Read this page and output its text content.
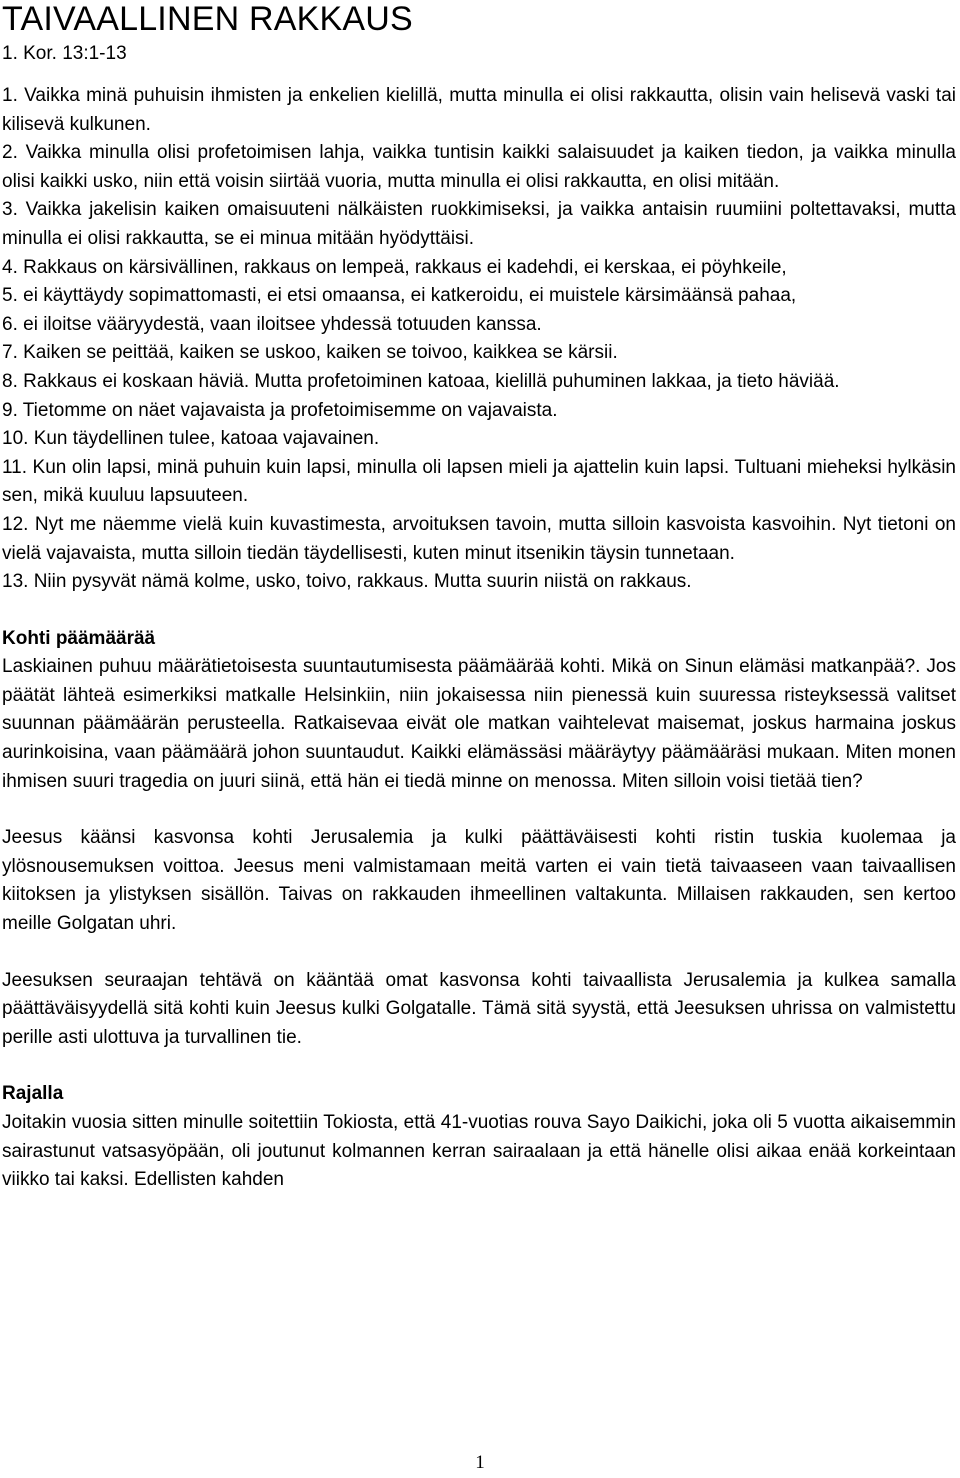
TAIVAALLINEN RAKKAUS
1. Kor. 13:1-13

1. Vaikka minä puhuisin ihmisten ja enkelien kielillä, mutta minulla ei olisi rakkautta, olisin vain helisevä vaski tai kilisevä kulkunen.

2. Vaikka minulla olisi profetoimisen lahja, vaikka tuntisin kaikki salaisuudet ja kaiken tiedon, ja vaikka minulla olisi kaikki usko, niin että voisin siirtää vuoria, mutta minulla ei olisi rakkautta, en olisi mitään.

3. Vaikka jakelisin kaiken omaisuuteni nälkäisten ruokkimiseksi, ja vaikka antaisin ruumiini poltettavaksi, mutta minulla ei olisi rakkautta, se ei minua mitään hyödyttäisi.

4. Rakkaus on kärsivällinen, rakkaus on lempeä, rakkaus ei kadehdi, ei kerskaa, ei pöyhkeile,

5. ei käyttäydy sopimattomasti, ei etsi omaansa, ei katkeroidu, ei muistele kärsimäänsä pahaa,

6. ei iloitse vääryydestä, vaan iloitsee yhdessä totuuden kanssa.

7. Kaiken se peittää, kaiken se uskoo, kaiken se toivoo, kaikkea se kärsii.

8. Rakkaus ei koskaan häviä. Mutta profetoiminen katoaa, kielillä puhuminen lakkaa, ja tieto häviää.

9. Tietomme on näet vajavaista ja profetoimisemme on vajavaista.

10. Kun täydellinen tulee, katoaa vajavainen.

11. Kun olin lapsi, minä puhuin kuin lapsi, minulla oli lapsen mieli ja ajattelin kuin lapsi. Tultuani mieheksi hylkäsin sen, mikä kuuluu lapsuuteen.

12. Nyt me näemme vielä kuin kuvastimesta, arvoituksen tavoin, mutta silloin kasvoista kasvoihin. Nyt tietoni on vielä vajavaista, mutta silloin tiedän täydellisesti, kuten minut itsenikin täysin tunnetaan.

13. Niin pysyvät nämä kolme, usko, toivo, rakkaus. Mutta suurin niistä on rakkaus.

Kohti päämäärää

Laskiainen puhuu määrätietoisesta suuntautumisesta päämäärää kohti. Mikä on Sinun elämäsi matkanpää?. Jos päätät lähteä esimerkiksi matkalle Helsinkiin, niin jokaisessa niin pienessä kuin suuressa risteyksessä valitset suunnan päämäärän perusteella. Ratkaisevaa eivät ole matkan vaihtelevat maisemat, joskus harmaina joskus aurinkoisina, vaan päämäärä johon suuntaudut. Kaikki elämässäsi määräytyy päämääräsi mukaan. Miten monen ihmisen suuri tragedia on juuri siinä, että hän ei tiedä minne on menossa. Miten silloin voisi tietää tien?

Jeesus käänsi kasvonsa kohti Jerusalemia ja kulki päättäväisesti kohti ristin tuskia kuolemaa ja ylösnousemuksen voittoa. Jeesus meni valmistamaan meitä varten ei vain tietä taivaaseen vaan taivaallisen kiitoksen ja ylistyksen sisällön. Taivas on rakkauden ihmeellinen valtakunta. Millaisen rakkauden, sen kertoo meille Golgatan uhri.

Jeesuksen seuraajan tehtävä on kääntää omat kasvonsa kohti taivaallista Jerusalemia ja kulkea samalla päättäväisyydellä sitä kohti kuin Jeesus kulki Golgatalle. Tämä sitä syystä, että Jeesuksen uhrissa on valmistettu perille asti ulottuva ja turvallinen tie.

Rajalla

Joitakin vuosia sitten minulle soitettiin Tokiosta, että 41-vuotias rouva Sayo Daikichi, joka oli 5 vuotta aikaisemmin sairastunut vatsasyöpään, oli joutunut kolmannen kerran sairaalaan ja että hänelle olisi aikaa enää korkeintaan viikko tai kaksi. Edellisten kahden

1
